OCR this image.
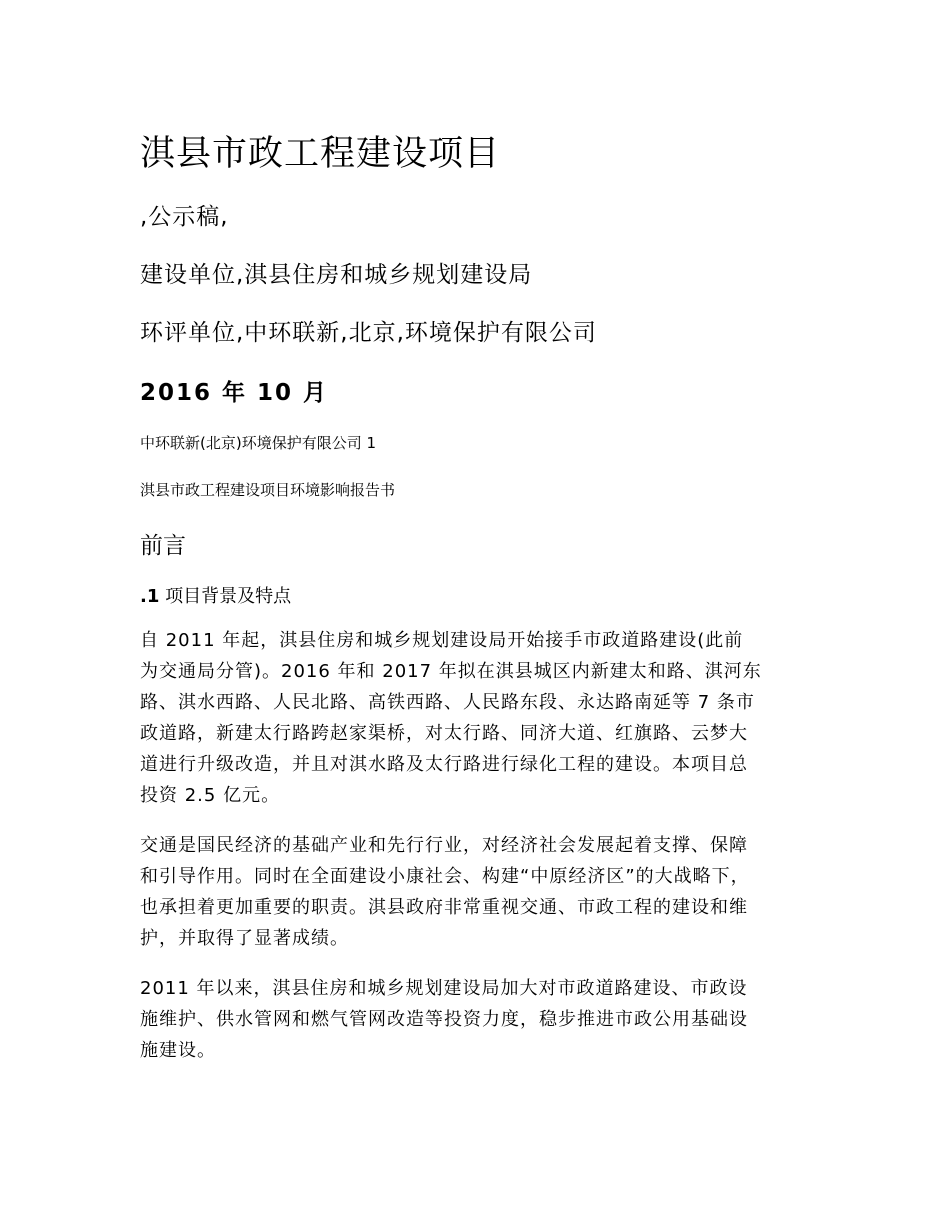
淇县市政工程建设项目
,公示稿,
建设单位,淇县住房和城乡规划建设局
环评单位,中环联新,北京,环境保护有限公司
2016 年 10 月
中环联新(北京)环境保护有限公司 1
淇县市政工程建设项目环境影响报告书
前言
.1 项目背景及特点
自 2011 年起，淇县住房和城乡规划建设局开始接手市政道路建设(此前
为交通局分管)。2016 年和 2017 年拟在淇县城区内新建太和路、淇河东
路、淇水西路、人民北路、高铁西路、人民路东段、永达路南延等 7 条市
政道路，新建太行路跨赵家渠桥，对太行路、同济大道、红旗路、云梦大
道进行升级改造，并且对淇水路及太行路进行绿化工程的建设。本项目总
投资 2.5 亿元。
交通是国民经济的基础产业和先行行业，对经济社会发展起着支撑、保障
和引导作用。同时在全面建设小康社会、构建“中原经济区”的大战略下，
也承担着更加重要的职责。淇县政府非常重视交通、市政工程的建设和维
护，并取得了显著成绩。
2011 年以来，淇县住房和城乡规划建设局加大对市政道路建设、市政设
施维护、供水管网和燃气管网改造等投资力度，稳步推进市政公用基础设
施建设。
